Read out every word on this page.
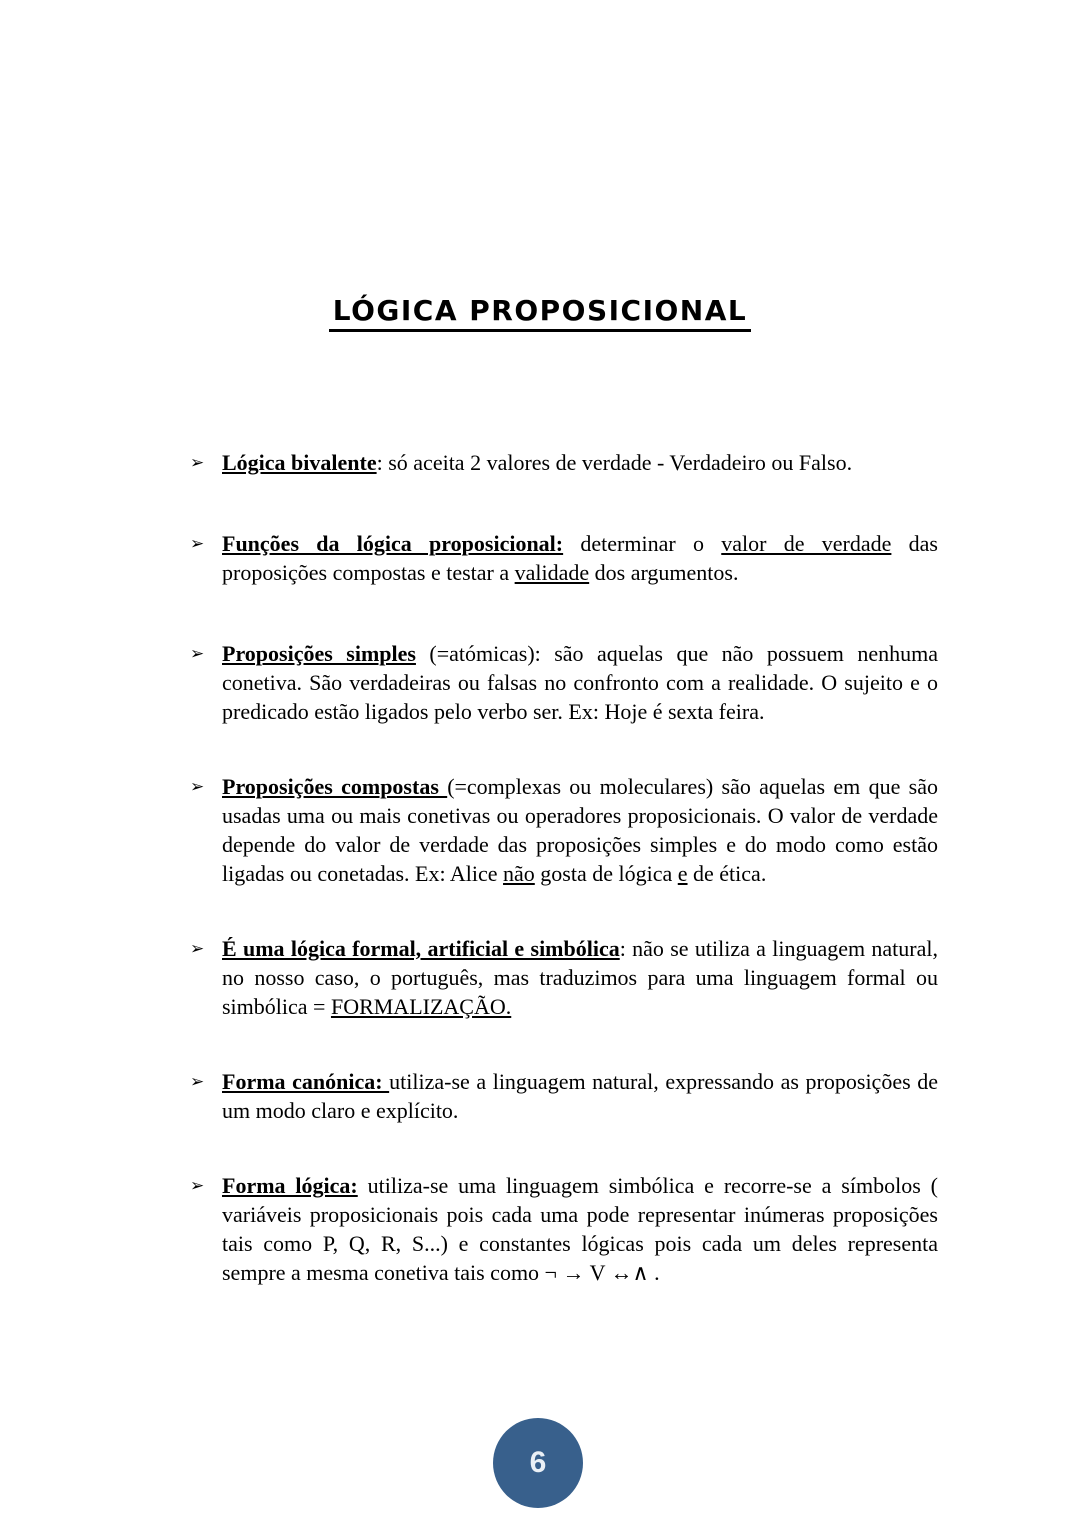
LÓGICA PROPOSICIONAL
➢ Lógica bivalente: só aceita 2 valores de verdade - Verdadeiro ou Falso.
➢ Funções da lógica proposicional: determinar o valor de verdade das proposições compostas e testar a validade dos argumentos.
➢ Proposições simples (=atómicas): são aquelas que não possuem nenhuma conetiva. São verdadeiras ou falsas no confronto com a realidade. O sujeito e o predicado estão ligados pelo verbo ser. Ex: Hoje é sexta feira.
➢ Proposições compostas (=complexas ou moleculares) são aquelas em que são usadas uma ou mais conetivas ou operadores proposicionais. O valor de verdade depende do valor de verdade das proposições simples e do modo como estão ligadas ou conetadas. Ex: Alice não gosta de lógica e de ética.
➢ É uma lógica formal, artificial e simbólica: não se utiliza a linguagem natural, no nosso caso, o português, mas traduzimos para uma linguagem formal ou simbólica = FORMALIZAÇÃO.
➢ Forma canónica: utiliza-se a linguagem natural, expressando as proposições de um modo claro e explícito.
➢ Forma lógica: utiliza-se uma linguagem simbólica e recorre-se a símbolos ( variáveis proposicionais pois cada uma pode representar inúmeras proposições tais como P, Q, R, S...) e constantes lógicas pois cada um deles representa sempre a mesma conetiva tais como ¬ → V ↔∧ .
6
